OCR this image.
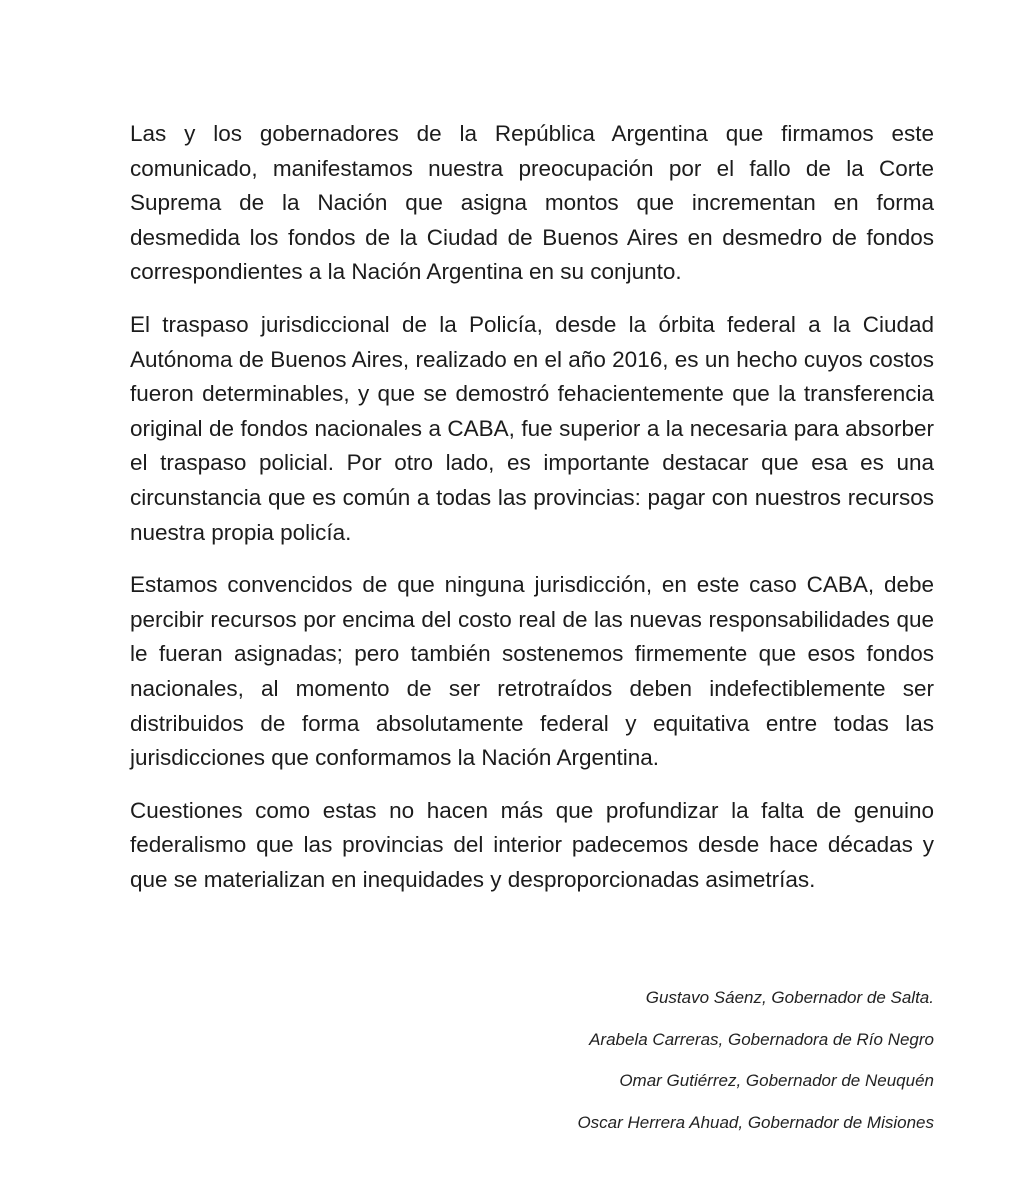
Las y los gobernadores de la República Argentina que firmamos este comunicado, manifestamos nuestra preocupación por el fallo de la Corte Suprema de la Nación que asigna montos que incrementan en forma desmedida los fondos de la Ciudad de Buenos Aires en desmedro de fondos correspondientes a la Nación Argentina en su conjunto.

El traspaso jurisdiccional de la Policía, desde la órbita federal a la Ciudad Autónoma de Buenos Aires, realizado en el año 2016, es un hecho cuyos costos fueron determinables, y que se demostró fehacientemente que la transferencia original de fondos nacionales a CABA, fue superior a la necesaria para absorber el traspaso policial. Por otro lado, es importante destacar que esa es una circunstancia que es común a todas las provincias: pagar con nuestros recursos nuestra propia policía.

Estamos convencidos de que ninguna jurisdicción, en este caso CABA, debe percibir recursos por encima del costo real de las nuevas responsabilidades que le fueran asignadas; pero también sostenemos firmemente que esos fondos nacionales, al momento de ser retrotraídos deben indefectiblemente ser distribuidos de forma absolutamente federal y equitativa entre todas las jurisdicciones que conformamos la Nación Argentina.

Cuestiones como estas no hacen más que profundizar la falta de genuino federalismo que las provincias del interior padecemos desde hace décadas y que se materializan en inequidades y desproporcionadas asimetrías.

Gustavo Sáenz, Gobernador de Salta.
Arabela Carreras, Gobernadora de Río Negro
Omar Gutiérrez, Gobernador de Neuquén
Oscar Herrera Ahuad, Gobernador de Misiones
